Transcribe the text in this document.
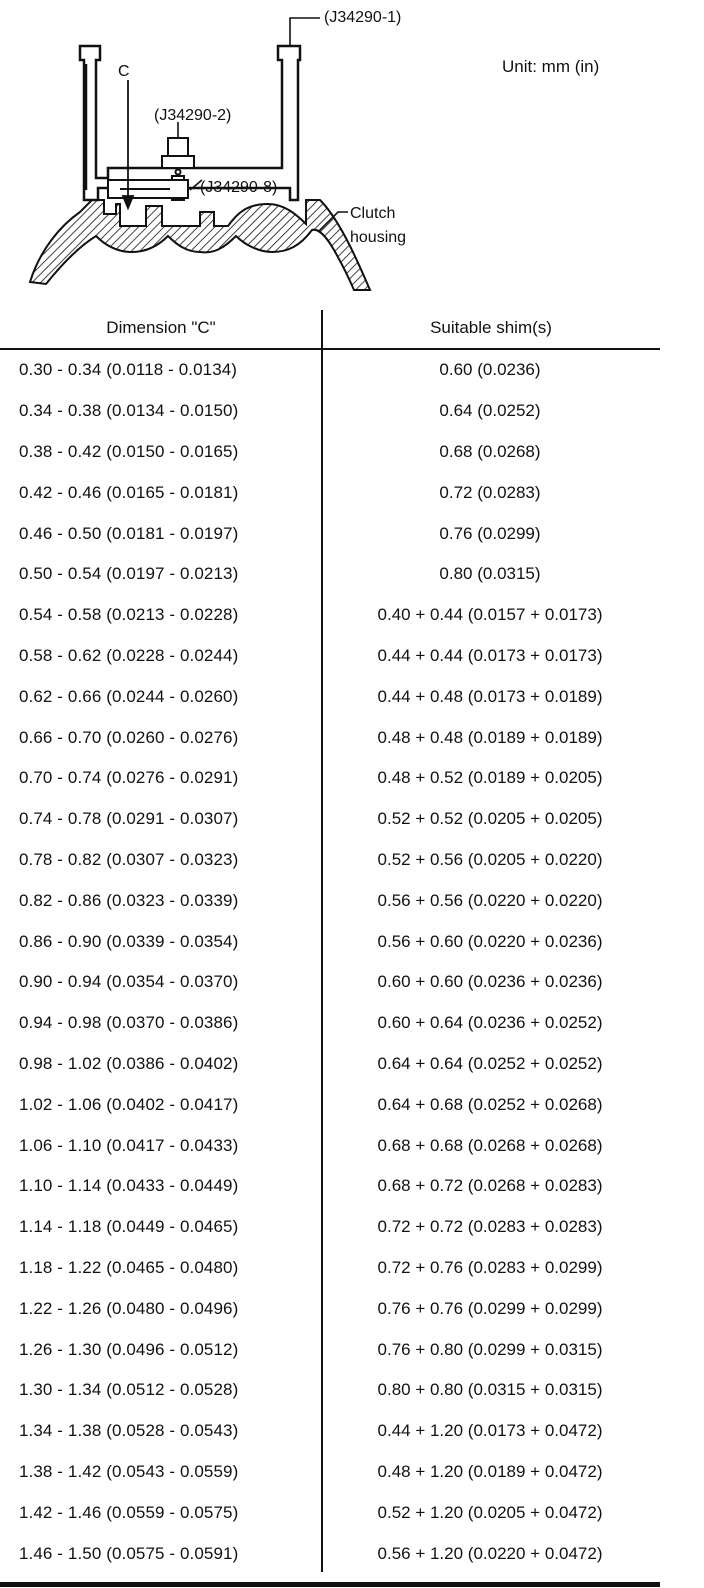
(J34290-1)
(J34290-2)
(J34290-8)
C
Clutch
housing
Unit: mm (in)
Dimension "C"	Suitable shim(s)
0.30 - 0.34 (0.0118 - 0.0134)	0.60 (0.0236)
0.34 - 0.38 (0.0134 - 0.0150)	0.64 (0.0252)
0.38 - 0.42 (0.0150 - 0.0165)	0.68 (0.0268)
0.42 - 0.46 (0.0165 - 0.0181)	0.72 (0.0283)
0.46 - 0.50 (0.0181 - 0.0197)	0.76 (0.0299)
0.50 - 0.54 (0.0197 - 0.0213)	0.80 (0.0315)
0.54 - 0.58 (0.0213 - 0.0228)	0.40 + 0.44 (0.0157 + 0.0173)
0.58 - 0.62 (0.0228 - 0.0244)	0.44 + 0.44 (0.0173 + 0.0173)
0.62 - 0.66 (0.0244 - 0.0260)	0.44 + 0.48 (0.0173 + 0.0189)
0.66 - 0.70 (0.0260 - 0.0276)	0.48 + 0.48 (0.0189 + 0.0189)
0.70 - 0.74 (0.0276 - 0.0291)	0.48 + 0.52 (0.0189 + 0.0205)
0.74 - 0.78 (0.0291 - 0.0307)	0.52 + 0.52 (0.0205 + 0.0205)
0.78 - 0.82 (0.0307 - 0.0323)	0.52 + 0.56 (0.0205 + 0.0220)
0.82 - 0.86 (0.0323 - 0.0339)	0.56 + 0.56 (0.0220 + 0.0220)
0.86 - 0.90 (0.0339 - 0.0354)	0.56 + 0.60 (0.0220 + 0.0236)
0.90 - 0.94 (0.0354 - 0.0370)	0.60 + 0.60 (0.0236 + 0.0236)
0.94 - 0.98 (0.0370 - 0.0386)	0.60 + 0.64 (0.0236 + 0.0252)
0.98 - 1.02 (0.0386 - 0.0402)	0.64 + 0.64 (0.0252 + 0.0252)
1.02 - 1.06 (0.0402 - 0.0417)	0.64 + 0.68 (0.0252 + 0.0268)
1.06 - 1.10 (0.0417 - 0.0433)	0.68 + 0.68 (0.0268 + 0.0268)
1.10 - 1.14 (0.0433 - 0.0449)	0.68 + 0.72 (0.0268 + 0.0283)
1.14 - 1.18 (0.0449 - 0.0465)	0.72 + 0.72 (0.0283 + 0.0283)
1.18 - 1.22 (0.0465 - 0.0480)	0.72 + 0.76 (0.0283 + 0.0299)
1.22 - 1.26 (0.0480 - 0.0496)	0.76 + 0.76 (0.0299 + 0.0299)
1.26 - 1.30 (0.0496 - 0.0512)	0.76 + 0.80 (0.0299 + 0.0315)
1.30 - 1.34 (0.0512 - 0.0528)	0.80 + 0.80 (0.0315 + 0.0315)
1.34 - 1.38 (0.0528 - 0.0543)	0.44 + 1.20 (0.0173 + 0.0472)
1.38 - 1.42 (0.0543 - 0.0559)	0.48 + 1.20 (0.0189 + 0.0472)
1.42 - 1.46 (0.0559 - 0.0575)	0.52 + 1.20 (0.0205 + 0.0472)
1.46 - 1.50 (0.0575 - 0.0591)	0.56 + 1.20 (0.0220 + 0.0472)
